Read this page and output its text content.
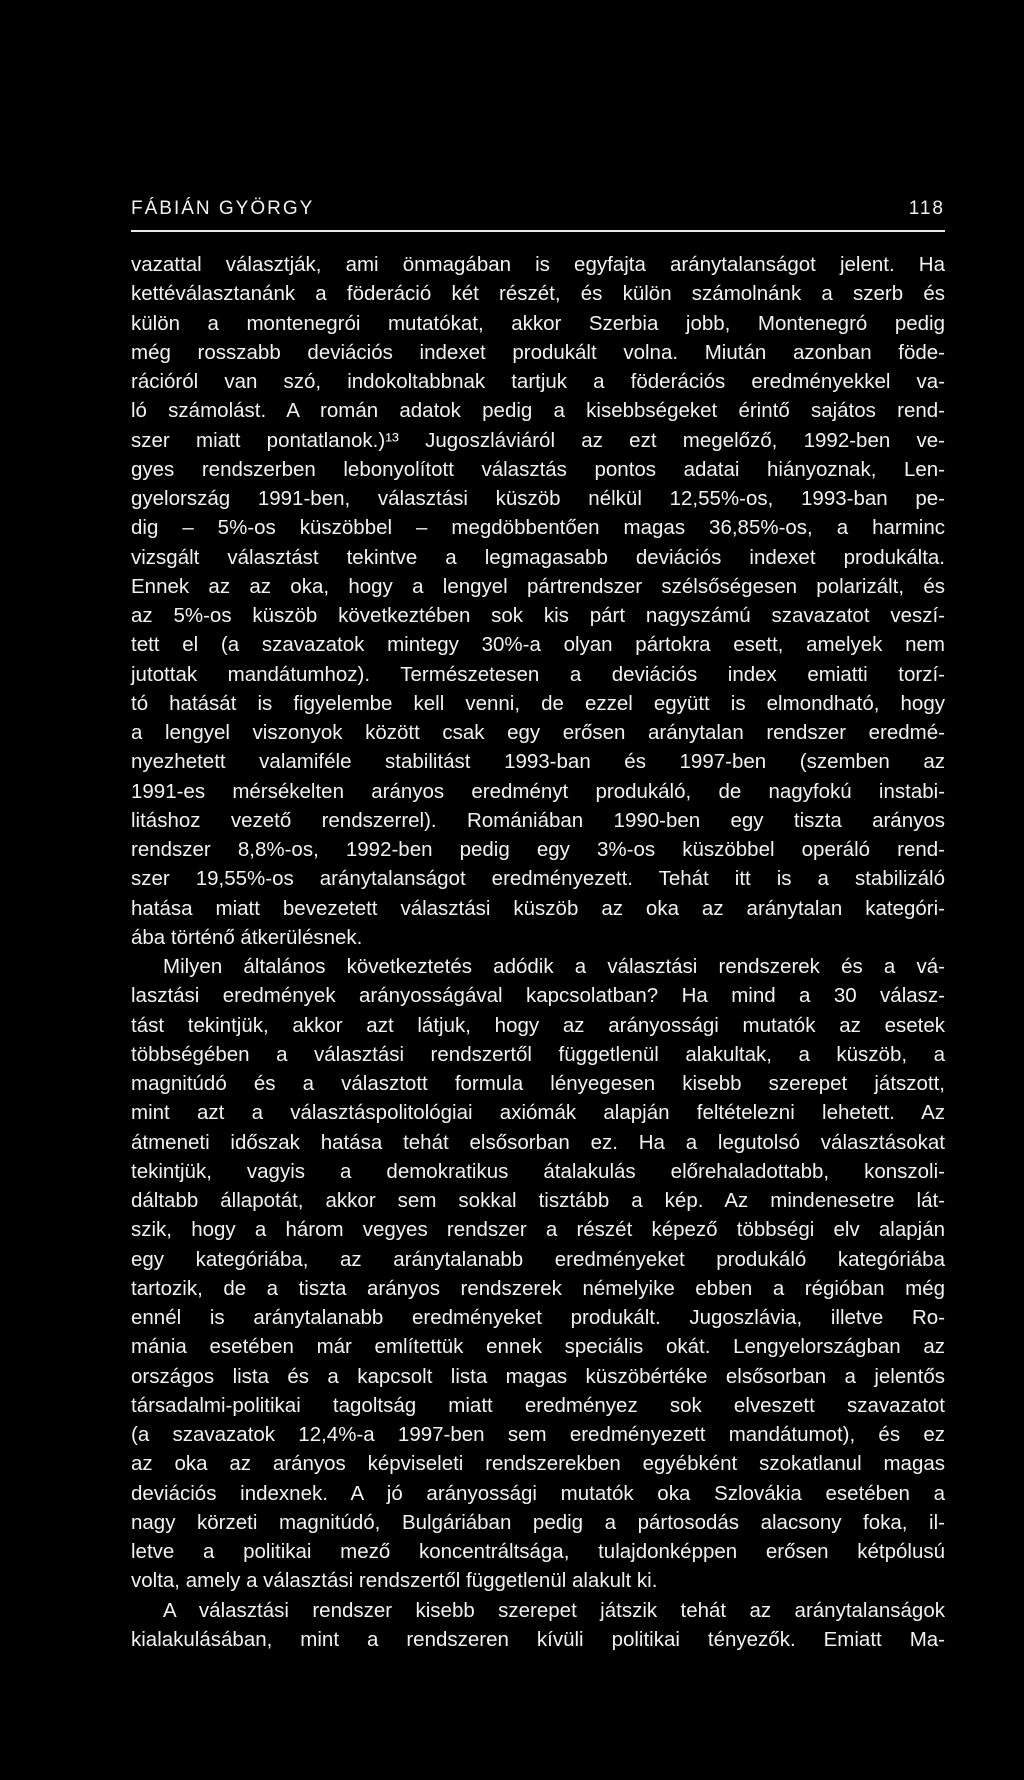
FÁBIÁN GYÖRGY	118
vazattal választják, ami önmagában is egyfajta aránytalanságot jelent. Ha
kettéválasztanánk a föderáció két részét, és külön számolnánk a szerb és
külön a montenegrói mutatókat, akkor Szerbia jobb, Montenegró pedig
még rosszabb deviációs indexet produkált volna. Miután azonban föde-
rációról van szó, indokoltabbnak tartjuk a föderációs eredményekkel va-
ló számolást. A román adatok pedig a kisebbségeket érintő sajátos rend-
szer miatt pontatlanok.)¹³ Jugoszláviáról az ezt megelőző, 1992-ben ve-
gyes rendszerben lebonyolított választás pontos adatai hiányoznak, Len-
gyelország 1991-ben, választási küszöb nélkül 12,55%-os, 1993-ban pe-
dig – 5%-os küszöbbel – megdöbbentően magas 36,85%-os, a harminc
vizsgált választást tekintve a legmagasabb deviációs indexet produkálta.
Ennek az az oka, hogy a lengyel pártrendszer szélsőségesen polarizált, és
az 5%-os küszöb következtében sok kis párt nagyszámú szavazatot veszí-
tett el (a szavazatok mintegy 30%-a olyan pártokra esett, amelyek nem
jutottak mandátumhoz). Természetesen a deviációs index emiatti torzí-
tó hatását is figyelembe kell venni, de ezzel együtt is elmondható, hogy
a lengyel viszonyok között csak egy erősen aránytalan rendszer eredmé-
nyezhetett valamiféle stabilitást 1993-ban és 1997-ben (szemben az
1991-es mérsékelten arányos eredményt produkáló, de nagyfokú instabi-
litáshoz vezető rendszerrel). Romániában 1990-ben egy tiszta arányos
rendszer 8,8%-os, 1992-ben pedig egy 3%-os küszöbbel operáló rend-
szer 19,55%-os aránytalanságot eredményezett. Tehát itt is a stabilizáló
hatása miatt bevezetett választási küszöb az oka az aránytalan kategóri-
ába történő átkerülésnek.
Milyen általános következtetés adódik a választási rendszerek és a vá-
lasztási eredmények arányosságával kapcsolatban? Ha mind a 30 válasz-
tást tekintjük, akkor azt látjuk, hogy az arányossági mutatók az esetek
többségében a választási rendszertől függetlenül alakultak, a küszöb, a
magnitúdó és a választott formula lényegesen kisebb szerepet játszott,
mint azt a választáspolitológiai axiómák alapján feltételezni lehetett. Az
átmeneti időszak hatása tehát elsősorban ez. Ha a legutolsó választásokat
tekintjük, vagyis a demokratikus átalakulás előrehaladottabb, konszoli-
dáltabb állapotát, akkor sem sokkal tisztább a kép. Az mindenesetre lát-
szik, hogy a három vegyes rendszer a részét képező többségi elv alapján
egy kategóriába, az aránytalanabb eredményeket produkáló kategóriába
tartozik, de a tiszta arányos rendszerek némelyike ebben a régióban még
ennél is aránytalanabb eredményeket produkált. Jugoszlávia, illetve Ro-
mánia esetében már említettük ennek speciális okát. Lengyelországban az
országos lista és a kapcsolt lista magas küszöbértéke elsősorban a jelentős
társadalmi-politikai tagoltság miatt eredményez sok elveszett szavazatot
(a szavazatok 12,4%-a 1997-ben sem eredményezett mandátumot), és ez
az oka az arányos képviseleti rendszerekben egyébként szokatlanul magas
deviációs indexnek. A jó arányossági mutatók oka Szlovákia esetében a
nagy körzeti magnitúdó, Bulgáriában pedig a pártosodás alacsony foka, il-
letve a politikai mező koncentráltsága, tulajdonképpen erősen kétpólusú
volta, amely a választási rendszertől függetlenül alakult ki.
A választási rendszer kisebb szerepet játszik tehát az aránytalanságok
kialakulásában, mint a rendszeren kívüli politikai tényezők. Emiatt Ma-
